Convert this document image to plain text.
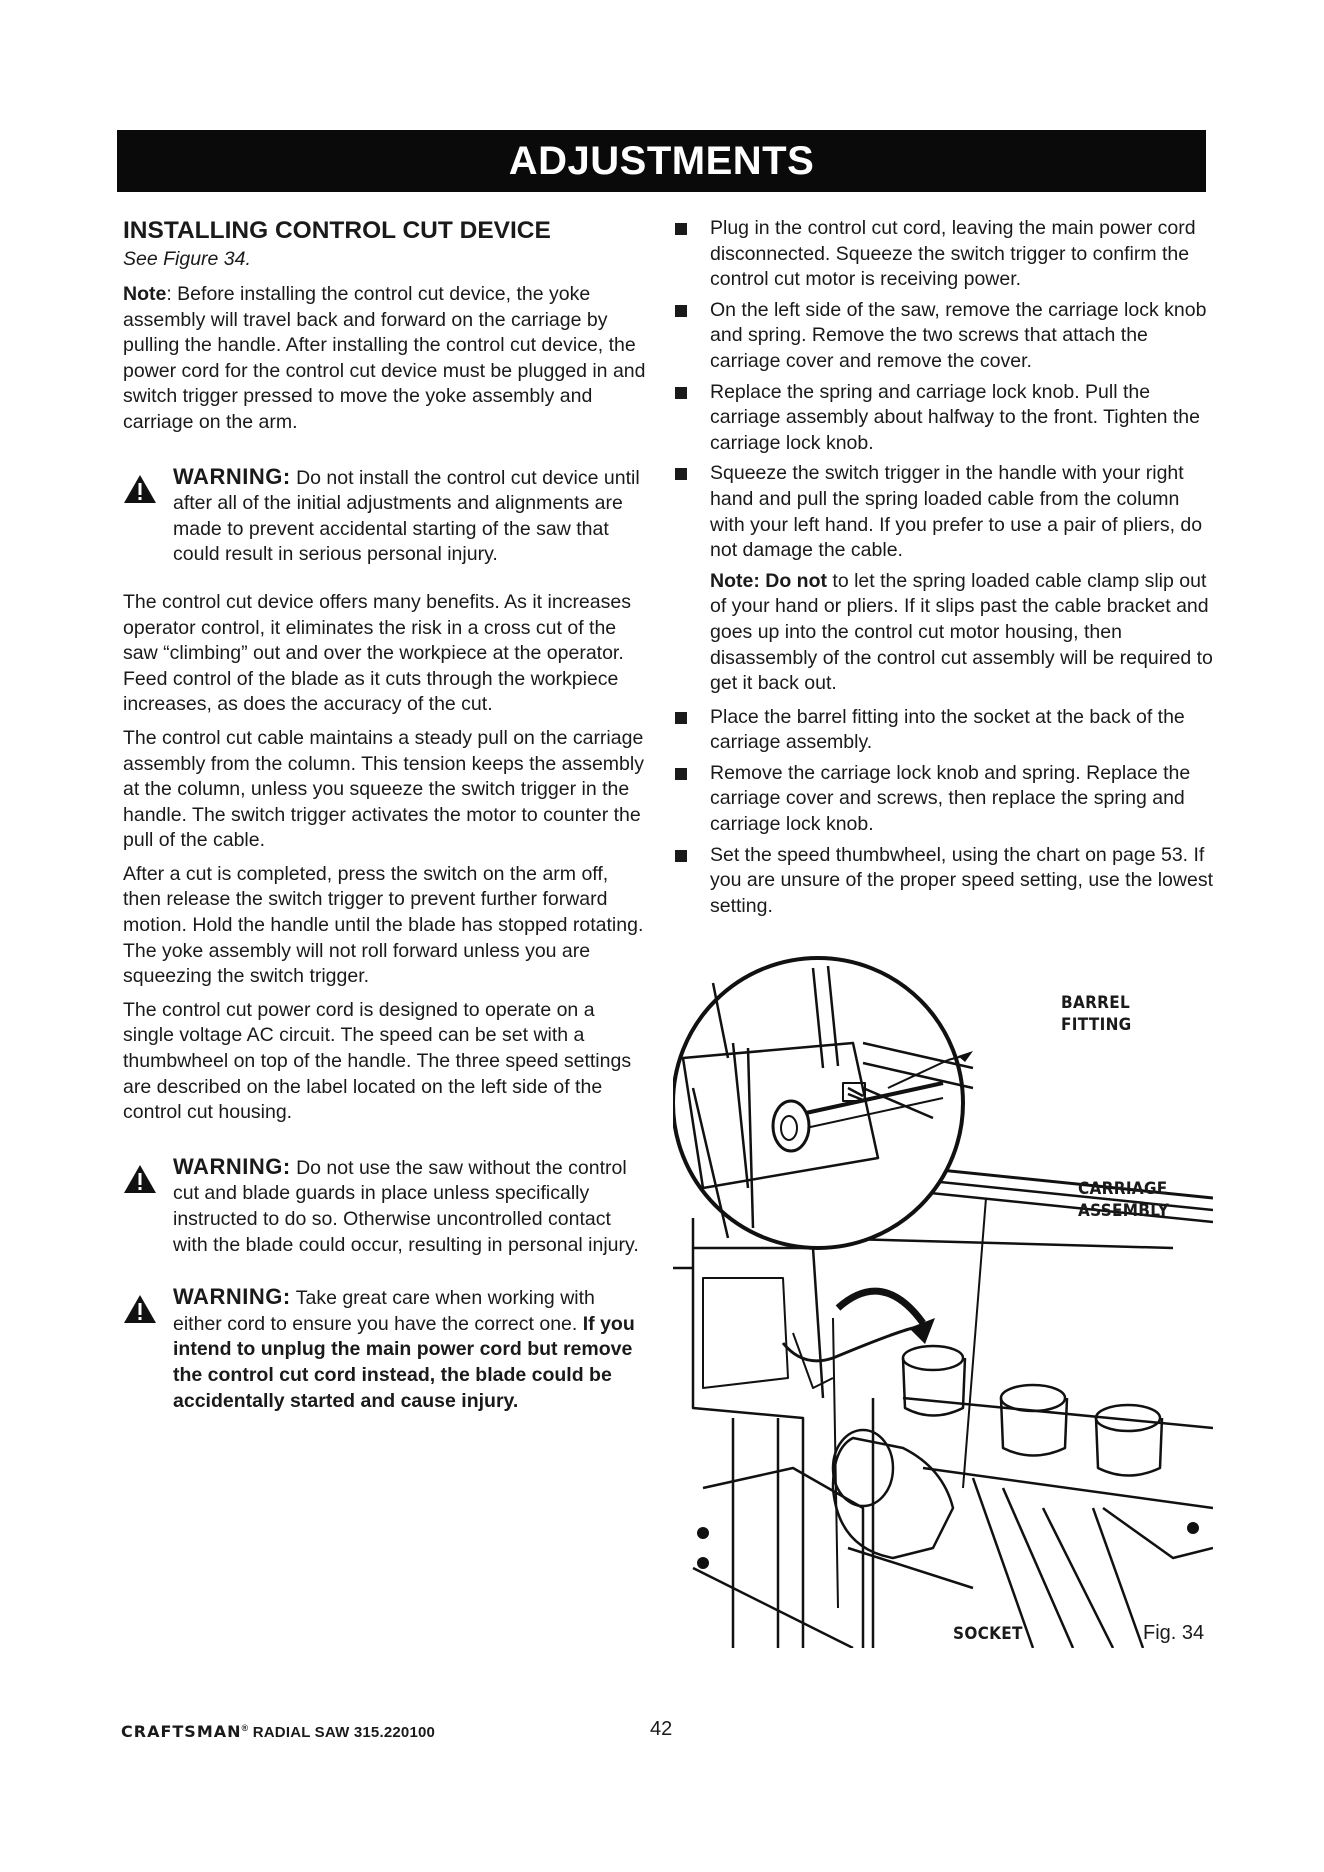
ADJUSTMENTS
INSTALLING CONTROL CUT DEVICE
See Figure 34.

Note: Before installing the control cut device, the yoke assembly will travel back and forward on the carriage by pulling the handle. After installing the control cut device, the power cord for the control cut device must be plugged in and switch trigger pressed to move the yoke assembly and carriage on the arm.

WARNING: Do not install the control cut device until after all of the initial adjustments and alignments are made to prevent accidental starting of the saw that could result in serious personal injury.

The control cut device offers many benefits. As it increases operator control, it eliminates the risk in a cross cut of the saw “climbing” out and over the workpiece at the operator. Feed control of the blade as it cuts through the workpiece increases, as does the accuracy of the cut.

The control cut cable maintains a steady pull on the carriage assembly from the column. This tension keeps the assembly at the column, unless you squeeze the switch trigger in the handle. The switch trigger activates the motor to counter the pull of the cable.

After a cut is completed, press the switch on the arm off, then release the switch trigger to prevent further forward motion. Hold the handle until the blade has stopped rotating. The yoke assembly will not roll forward unless you are squeezing the switch trigger.

The control cut power cord is designed to operate on a single voltage AC circuit. The speed can be set with a thumbwheel on top of the handle. The three speed settings are described on the label located on the left side of the control cut housing.

WARNING: Do not use the saw without the control cut and blade guards in place unless specifically instructed to do so. Otherwise uncontrolled contact with the blade could occur, resulting in personal injury.
WARNING: Take great care when working with either cord to ensure you have the correct one. If you intend to unplug the main power cord but remove the control cut cord instead, the blade could be accidentally started and cause injury.
Plug in the control cut cord, leaving the main power cord disconnected. Squeeze the switch trigger to confirm the control cut motor is receiving power.
On the left side of the saw, remove the carriage lock knob and spring. Remove the two screws that attach the carriage cover and remove the cover.
Replace the spring and carriage lock knob. Pull the carriage assembly about halfway to the front. Tighten the carriage lock knob.
Squeeze the switch trigger in the handle with your right hand and pull the spring loaded cable from the column with your left hand. If you prefer to use a pair of pliers, do not damage the cable.
Note: Do not to let the spring loaded cable clamp slip out of your hand or pliers. If it slips past the cable bracket and goes up into the control cut motor housing, then disassembly of the control cut assembly will be required to get it back out.
Place the barrel fitting into the socket at the back of the carriage assembly.
Remove the carriage lock knob and spring. Replace the carriage cover and screws, then replace the spring and carriage lock knob.
Set the speed thumbwheel, using the chart on page 53. If you are unsure of the proper speed setting, use the lowest setting.
BARREL
FITTING
CARRIAGE
ASSEMBLY
SOCKET	Fig. 34
CRAFTSMAN® RADIAL SAW 315.220100	42
